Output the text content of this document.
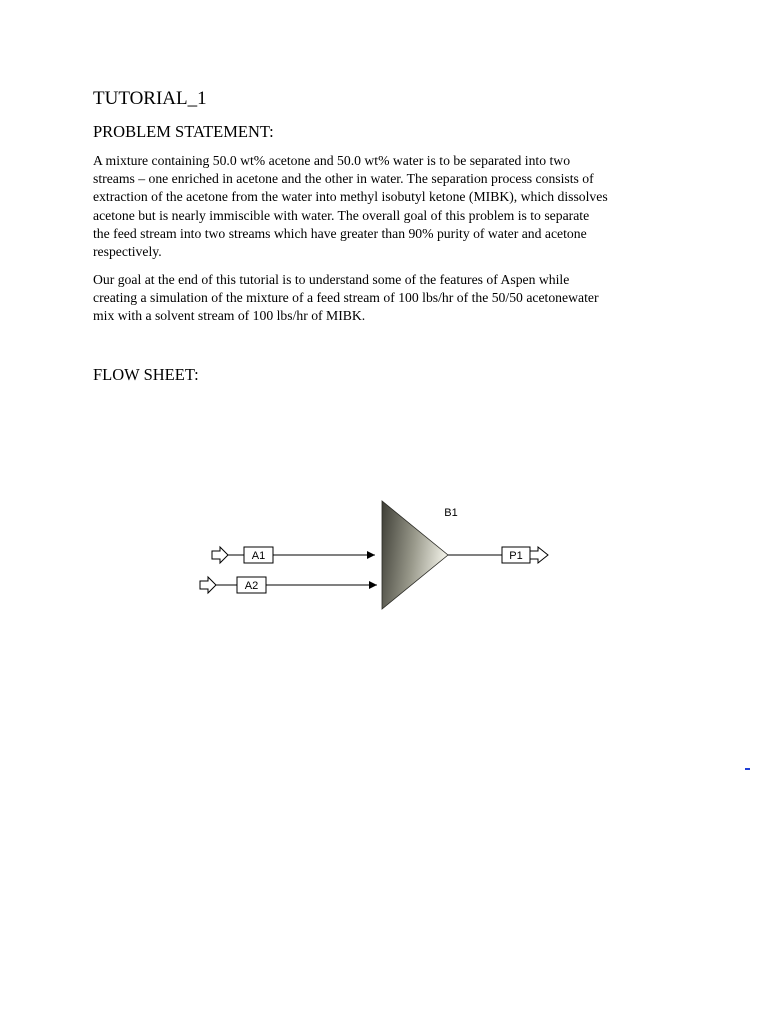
TUTORIAL_1
PROBLEM STATEMENT:

A mixture containing 50.0 wt% acetone and 50.0 wt% water is to be separated into two
streams – one enriched in acetone and the other in water. The separation process consists of
extraction of the acetone from the water into methyl isobutyl ketone (MIBK), which dissolves
acetone but is nearly immiscible with water. The overall goal of this problem is to separate
the feed stream into two streams which have greater than 90% purity of water and acetone
respectively.

Our goal at the end of this tutorial is to understand some of the features of Aspen while
creating a simulation of the mixture of a feed stream of 100 lbs/hr of the 50/50 acetonewater
mix with a solvent stream of 100 lbs/hr of MIBK.

FLOW SHEET:
A1
A2
B1
P1
